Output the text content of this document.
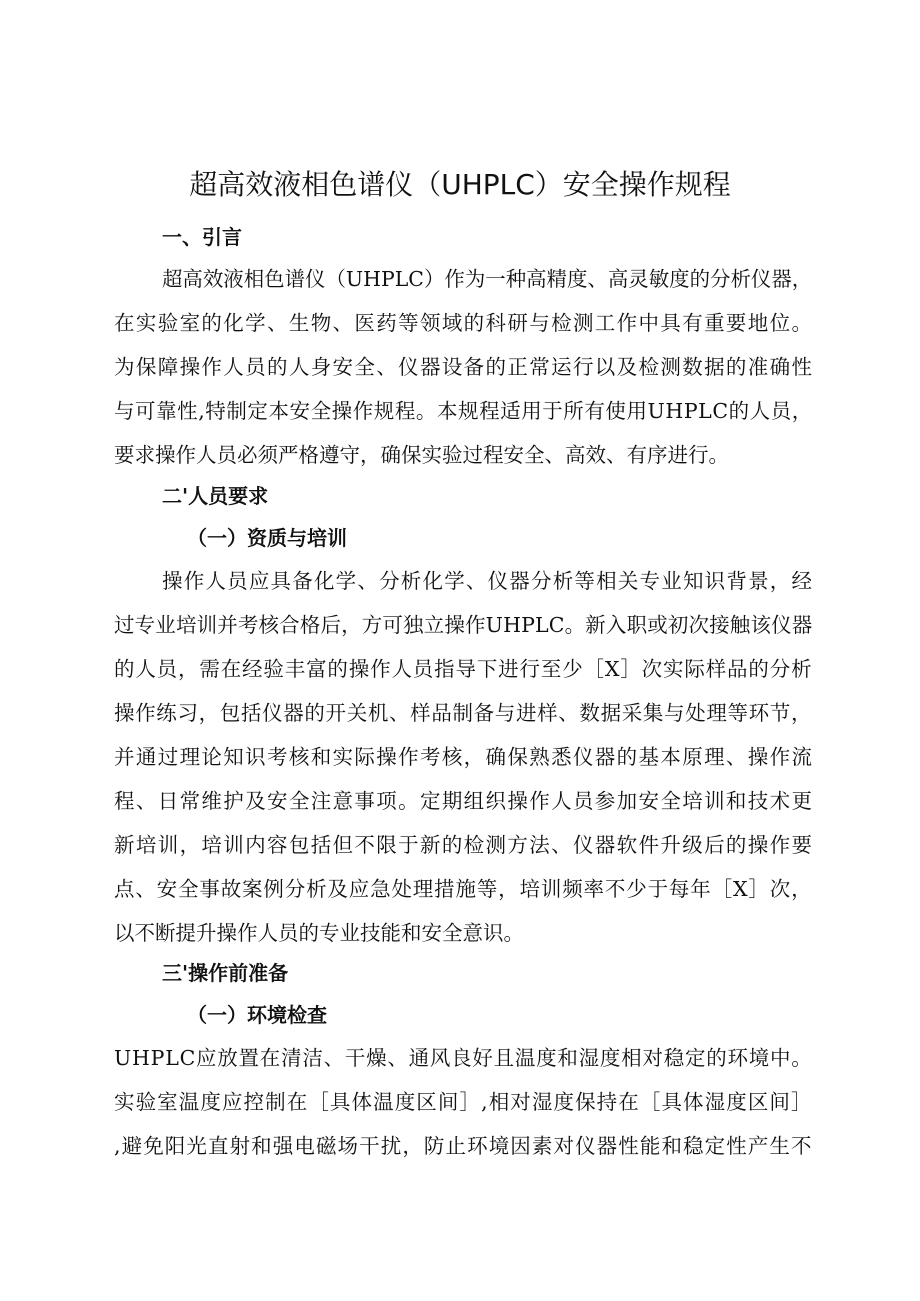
超高效液相色谱仪（UHPLC）安全操作规程
一、引言
超高效液相色谱仪（UHPLC）作为一种高精度、高灵敏度的分析仪器，
在实验室的化学、生物、医药等领域的科研与检测工作中具有重要地位。
为保障操作人员的人身安全、仪器设备的正常运行以及检测数据的准确性
与可靠性,特制定本安全操作规程。本规程适用于所有使用UHPLC的人员，
要求操作人员必须严格遵守，确保实验过程安全、高效、有序进行。
二'人员要求
（一）资质与培训
操作人员应具备化学、分析化学、仪器分析等相关专业知识背景，经
过专业培训并考核合格后，方可独立操作UHPLC。新入职或初次接触该仪器
的人员，需在经验丰富的操作人员指导下进行至少［X］次实际样品的分析
操作练习，包括仪器的开关机、样品制备与进样、数据采集与处理等环节，
并通过理论知识考核和实际操作考核，确保熟悉仪器的基本原理、操作流
程、日常维护及安全注意事项。定期组织操作人员参加安全培训和技术更
新培训，培训内容包括但不限于新的检测方法、仪器软件升级后的操作要
点、安全事故案例分析及应急处理措施等，培训频率不少于每年［X］次，
以不断提升操作人员的专业技能和安全意识。
三'操作前准备
（一）环境检查
UHPLC应放置在清洁、干燥、通风良好且温度和湿度相对稳定的环境中。
实验室温度应控制在［具体温度区间］,相对湿度保持在［具体湿度区间］
,避免阳光直射和强电磁场干扰，防止环境因素对仪器性能和稳定性产生不
